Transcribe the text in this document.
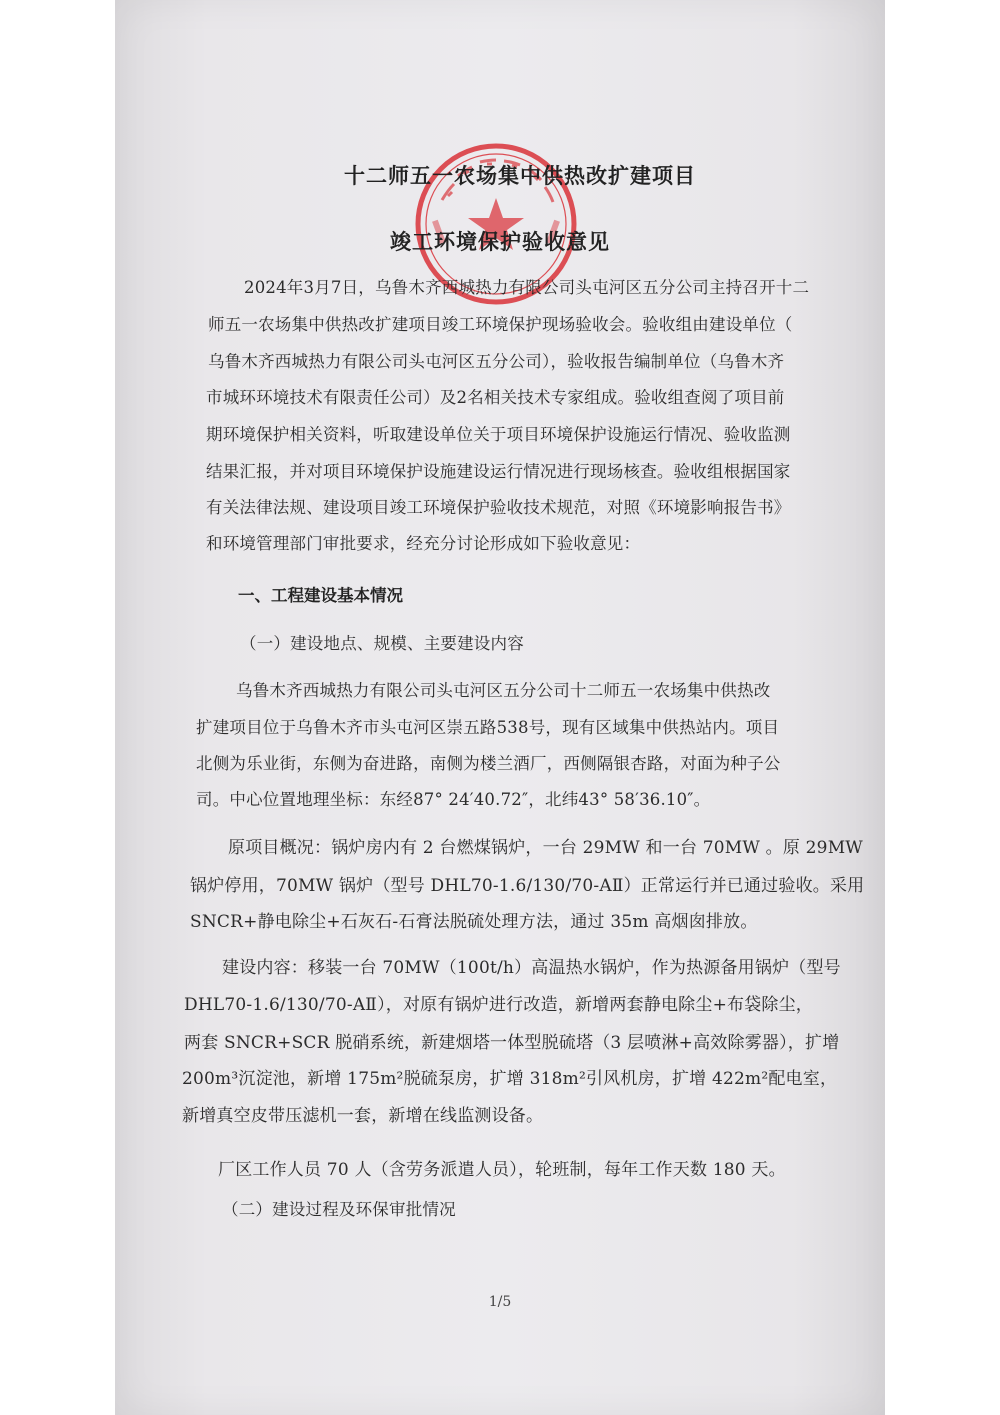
十二师五一农场集中供热改扩建项目
竣工环境保护验收意见
2024年3月7日，乌鲁木齐西城热力有限公司头屯河区五分公司主持召开十二
师五一农场集中供热改扩建项目竣工环境保护现场验收会。验收组由建设单位（
乌鲁木齐西城热力有限公司头屯河区五分公司），验收报告编制单位（乌鲁木齐
市城环环境技术有限责任公司）及2名相关技术专家组成。验收组查阅了项目前
期环境保护相关资料，听取建设单位关于项目环境保护设施运行情况、验收监测
结果汇报，并对项目环境保护设施建设运行情况进行现场核查。验收组根据国家
有关法律法规、建设项目竣工环境保护验收技术规范，对照《环境影响报告书》
和环境管理部门审批要求，经充分讨论形成如下验收意见：
一、工程建设基本情况
（一）建设地点、规模、主要建设内容
乌鲁木齐西城热力有限公司头屯河区五分公司十二师五一农场集中供热改
扩建项目位于乌鲁木齐市头屯河区崇五路538号，现有区域集中供热站内。项目
北侧为乐业街，东侧为奋进路，南侧为楼兰酒厂，西侧隔银杏路，对面为种子公
司。中心位置地理坐标：东经87° 24′40.72″，北纬43° 58′36.10″。
原项目概况：锅炉房内有 2 台燃煤锅炉，一台 29MW 和一台 70MW 。原 29MW
锅炉停用，70MW 锅炉（型号 DHL70-1.6/130/70-AⅡ）正常运行并已通过验收。采用
SNCR+静电除尘+石灰石-石膏法脱硫处理方法，通过 35m 高烟囱排放。
建设内容：移装一台 70MW（100t/h）高温热水锅炉，作为热源备用锅炉（型号
DHL70-1.6/130/70-AⅡ），对原有锅炉进行改造，新增两套静电除尘+布袋除尘，
两套 SNCR+SCR 脱硝系统，新建烟塔一体型脱硫塔（3 层喷淋+高效除雾器），扩增
200m³沉淀池，新增 175m²脱硫泵房，扩增 318m²引风机房，扩增 422m²配电室，
新增真空皮带压滤机一套，新增在线监测设备。
厂区工作人员 70 人（含劳务派遣人员），轮班制，每年工作天数 180 天。
（二）建设过程及环保审批情况
1/5
